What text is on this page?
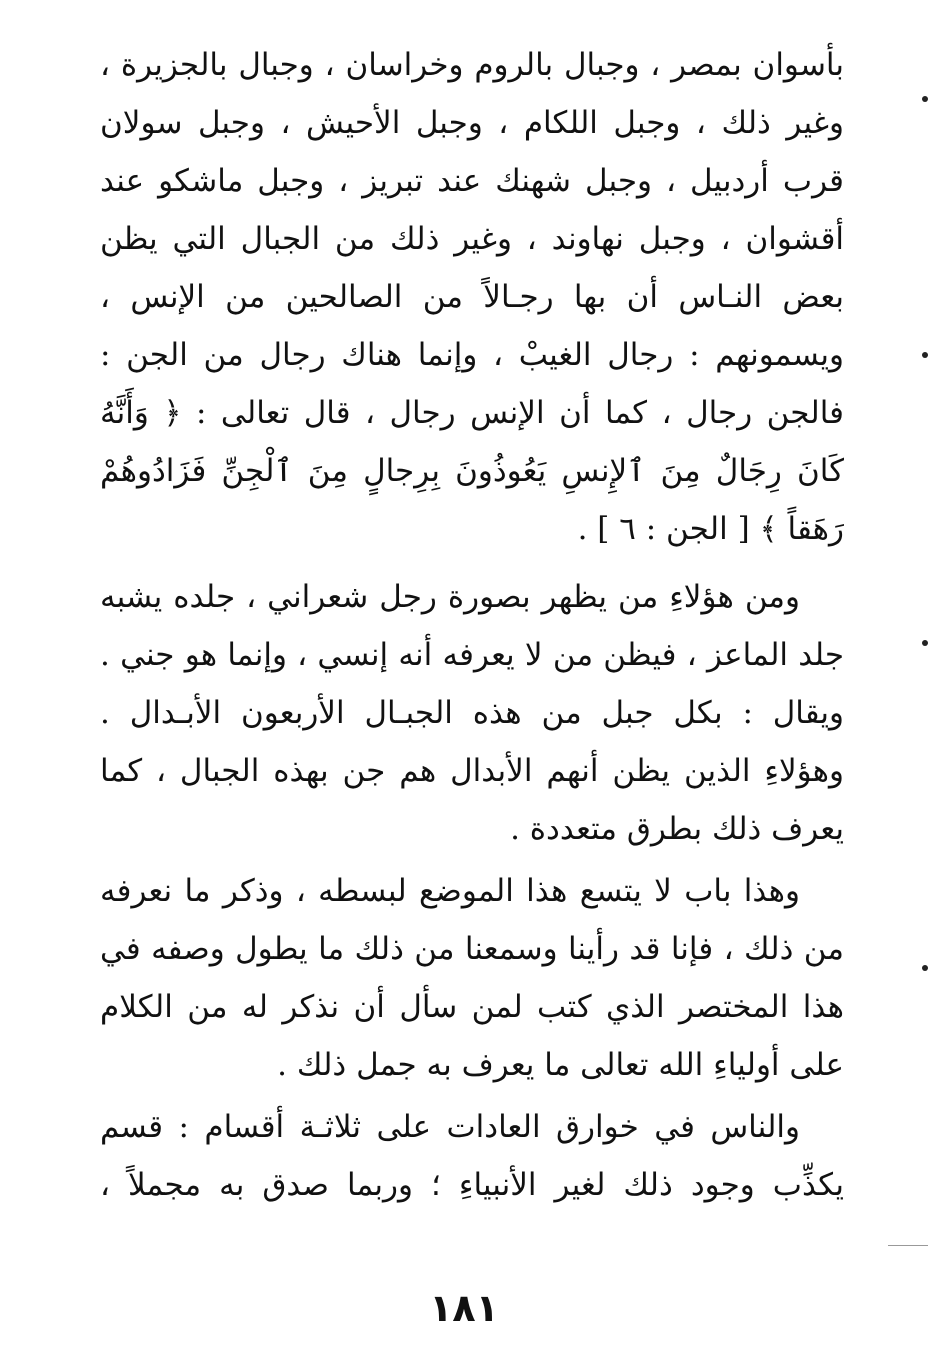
بأسوان بمصر ، وجبال بالروم وخراسان ، وجبال بالجزيرة ،
وغير ذلك ، وجبل اللكام ، وجبل الأحيش ، وجبل سولان
قرب أردبيل ، وجبل شهنك عند تبريز ، وجبل ماشكو عند
أقشوان ، وجبل نهاوند ، وغير ذلك من الجبال التي يظن
بعض النـاس أن بها رجـالاً من الصالحين من الإنس ،
ويسمونهم : رجال الغيبْ ، وإنما هناك رجال من الجن :
فالجن رجال ، كما أن الإنس رجال ، قال تعالى : ﴿ وَأَنَّهُ
كَانَ رِجَالٌ مِنَ ٱلإِنسِ يَعُوذُونَ بِرِجالٍ مِنَ ٱلْجِنِّ فَزَادُوهُمْ
رَهَقاً ﴾ [ الجن : ٦ ] .
ومن هؤلاءِ من يظهر بصورة رجل شعراني ، جلده يشبه
جلد الماعز ، فيظن من لا يعرفه أنه إنسي ، وإنما هو جني .
ويقال : بكل جبل من هذه الجبـال الأربعون الأبـدال .
وهؤلاءِ الذين يظن أنهم الأبدال هم جن بهذه الجبال ، كما
يعرف ذلك بطرق متعددة .
وهذا باب لا يتسع هذا الموضع لبسطه ، وذكر ما نعرفه
من ذلك ، فإنا قد رأينا وسمعنا من ذلك ما يطول وصفه في
هذا المختصر الذي كتب لمن سأل أن نذكر له من الكلام
على أولياءِ الله تعالى ما يعرف به جمل ذلك .
والناس في خوارق العادات على ثلاثـة أقسام : قسم
يكذِّب وجود ذلك لغير الأنبياءِ ؛ وربما صدق به مجملاً ،
١٨١
